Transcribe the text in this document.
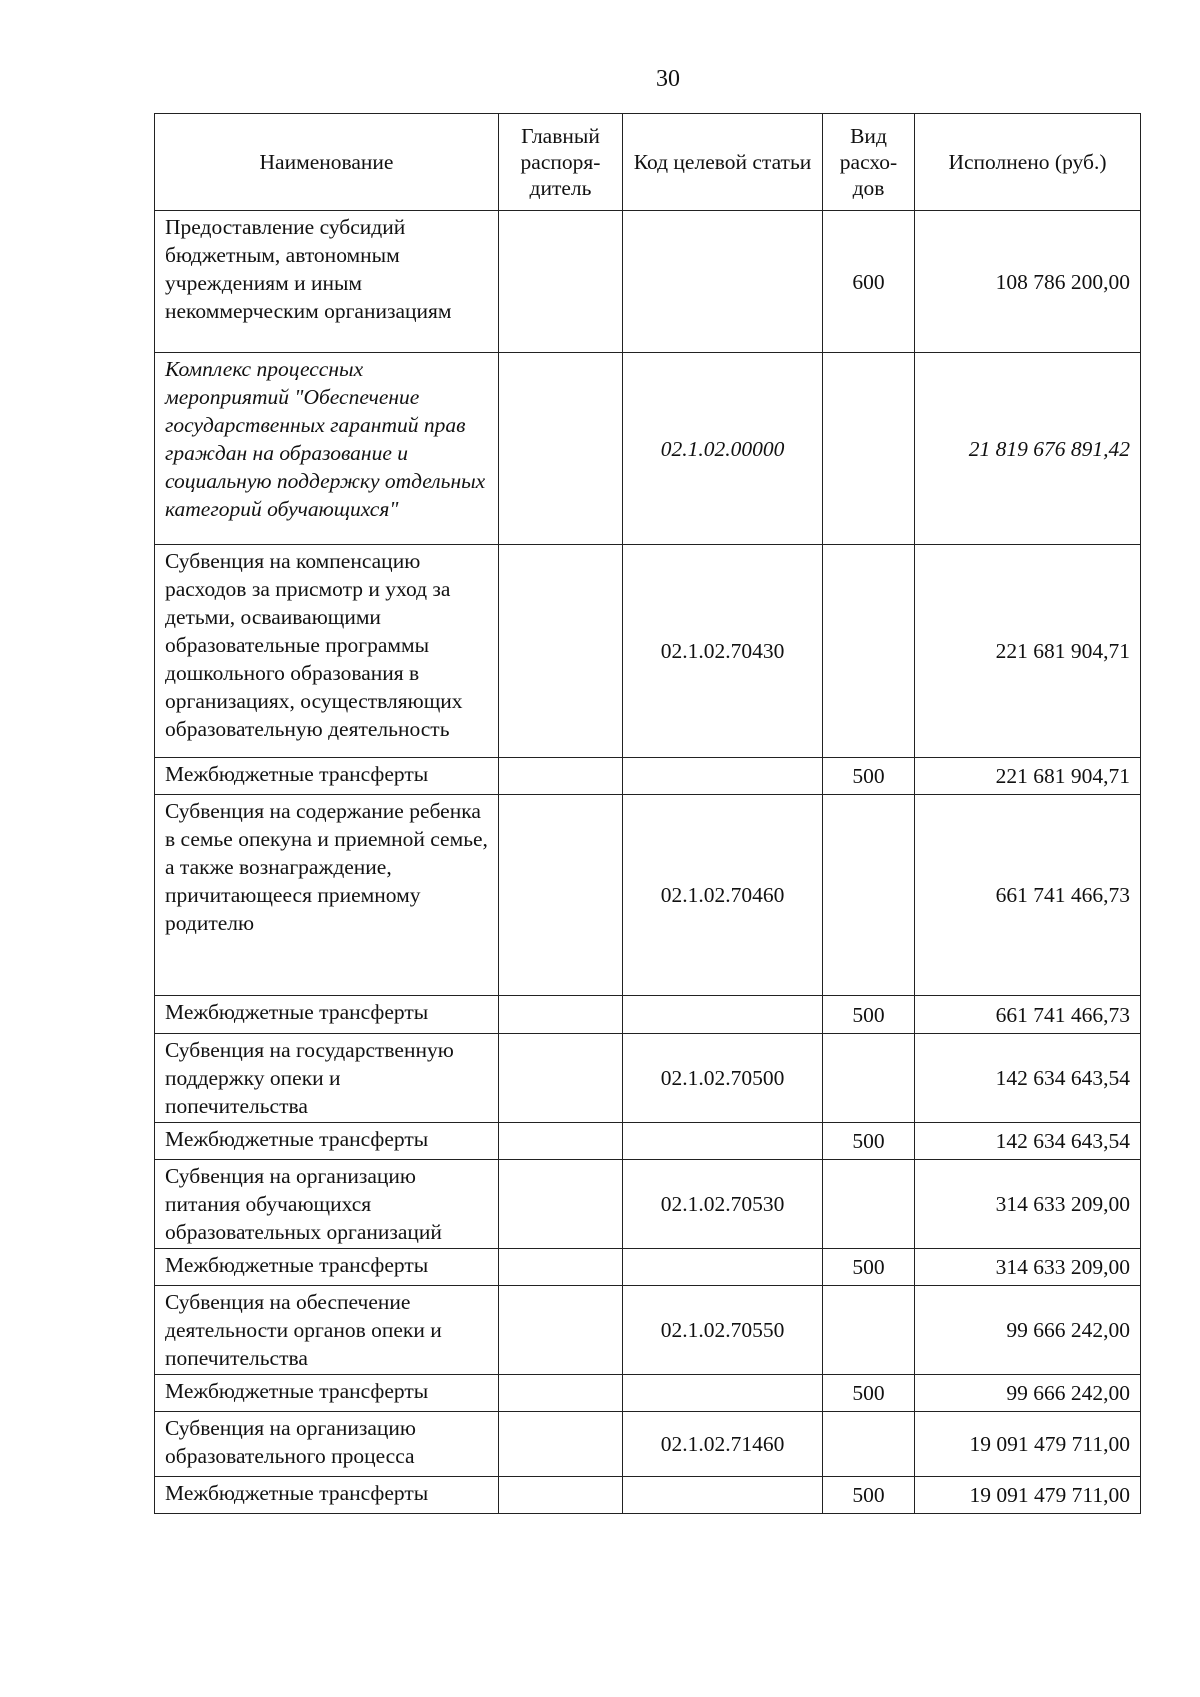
30
Наименование	Главный распоря-дитель	Код целевой статьи	Вид расхо-дов	Исполнено (руб.)
Предоставление субсидий бюджетным, автономным учреждениям и иным некоммерческим организациям			600	108 786 200,00
Комплекс процессных мероприятий "Обеспечение государственных гарантий прав граждан на образование и социальную поддержку отдельных категорий обучающихся"		02.1.02.00000		21 819 676 891,42
Субвенция на компенсацию расходов за присмотр и уход за детьми, осваивающими образовательные программы дошкольного образования в организациях, осуществляющих образовательную деятельность		02.1.02.70430		221 681 904,71
Межбюджетные трансферты			500	221 681 904,71
Субвенция на содержание ребенка в семье опекуна и приемной семье, а также вознаграждение, причитающееся приемному родителю		02.1.02.70460		661 741 466,73
Межбюджетные трансферты			500	661 741 466,73
Субвенция на государственную поддержку опеки и попечительства		02.1.02.70500		142 634 643,54
Межбюджетные трансферты			500	142 634 643,54
Субвенция на организацию питания обучающихся образовательных организаций		02.1.02.70530		314 633 209,00
Межбюджетные трансферты			500	314 633 209,00
Субвенция на обеспечение деятельности органов опеки и попечительства		02.1.02.70550		99 666 242,00
Межбюджетные трансферты			500	99 666 242,00
Субвенция на организацию образовательного процесса		02.1.02.71460		19 091 479 711,00
Межбюджетные трансферты			500	19 091 479 711,00
